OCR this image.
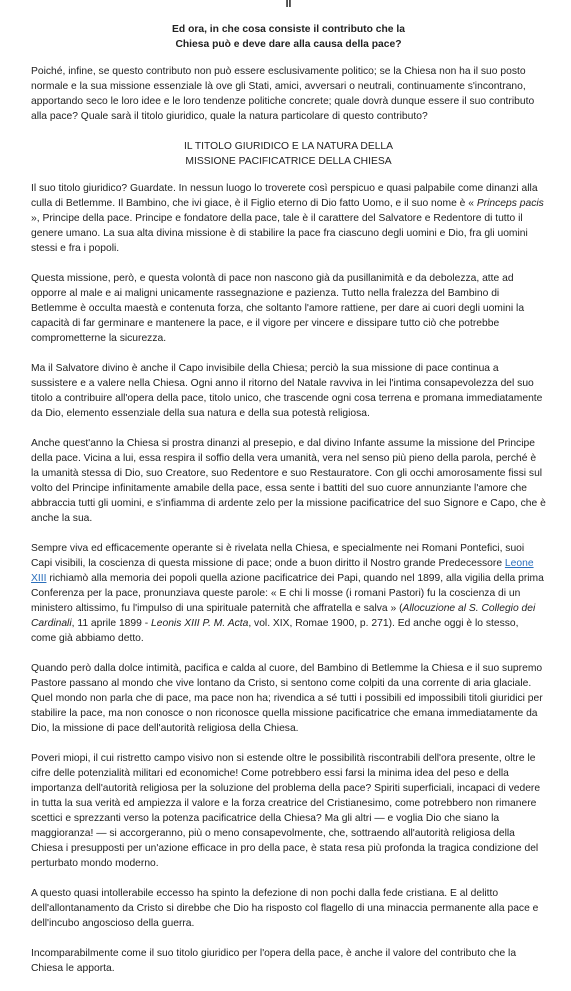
II

Ed ora, in che cosa consiste il contributo che la
Chiesa può e deve dare alla causa della pace?

Poiché, infine, se questo contributo non può essere esclusivamente politico; se la Chiesa non ha il suo posto normale e la sua missione essenziale là ove gli Stati, amici, avversari o neutrali, continuamente s'incontrano, apportando seco le loro idee e le loro tendenze politiche concrete; quale dovrà dunque essere il suo contributo alla pace? Quale sarà il titolo giuridico, quale la natura particolare di questo contributo?

IL TITOLO GIURIDICO E LA NATURA DELLA
MISSIONE PACIFICATRICE DELLA CHIESA

Il suo titolo giuridico? Guardate. In nessun luogo lo troverete così perspicuo e quasi palpabile come dinanzi alla culla di Betlemme. Il Bambino, che ivi giace, è il Figlio eterno di Dio fatto Uomo, e il suo nome è « Princeps pacis », Principe della pace. Principe e fondatore della pace, tale è il carattere del Salvatore e Redentore di tutto il genere umano. La sua alta divina missione è di stabilire la pace fra ciascuno degli uomini e Dio, fra gli uomini stessi e fra i popoli.

Questa missione, però, e questa volontà di pace non nascono già da pusillanimità e da debolezza, atte ad opporre al male e ai maligni unicamente rassegnazione e pazienza. Tutto nella fralezza del Bambino di Betlemme è occulta maestà e contenuta forza, che soltanto l'amore rattiene, per dare ai cuori degli uomini la capacità di far germinare e mantenere la pace, e il vigore per vincere e dissipare tutto ciò che potrebbe comprometterne la sicurezza.

Ma il Salvatore divino è anche il Capo invisibile della Chiesa; perciò la sua missione di pace continua a sussistere e a valere nella Chiesa. Ogni anno il ritorno del Natale ravviva in lei l'intima consapevolezza del suo titolo a contribuire all'opera della pace, titolo unico, che trascende ogni cosa terrena e promana immediatamente da Dio, elemento essenziale della sua natura e della sua potestà religiosa.

Anche quest'anno la Chiesa si prostra dinanzi al presepio, e dal divino Infante assume la missione del Principe della pace. Vicina a lui, essa respira il soffio della vera umanità, vera nel senso più pieno della parola, perché è la umanità stessa di Dio, suo Creatore, suo Redentore e suo Restauratore. Con gli occhi amorosamente fissi sul volto del Principe infinitamente amabile della pace, essa sente i battiti del suo cuore annunziante l'amore che abbraccia tutti gli uomini, e s'infiamma di ardente zelo per la missione pacificatrice del suo Signore e Capo, che è anche la sua.

Sempre viva ed efficacemente operante si è rivelata nella Chiesa, e specialmente nei Romani Pontefici, suoi Capi visibili, la coscienza di questa missione di pace; onde a buon diritto il Nostro grande Predecessore Leone XIII richiamò alla memoria dei popoli quella azione pacificatrice dei Papi, quando nel 1899, alla vigilia della prima Conferenza per la pace, pronunziava queste parole: « E chi li mosse (i romani Pastori) fu la coscienza di un ministero altissimo, fu l'impulso di una spirituale paternità che affratella e salva » (Allocuzione al S. Collegio dei Cardinali, 11 aprile 1899 - Leonis XIII P. M. Acta, vol. XIX, Romae 1900, p. 271). Ed anche oggi è lo stesso, come già abbiamo detto.

Quando però dalla dolce intimità, pacifica e calda al cuore, del Bambino di Betlemme la Chiesa e il suo supremo Pastore passano al mondo che vive lontano da Cristo, si sentono come colpiti da una corrente di aria glaciale. Quel mondo non parla che di pace, ma pace non ha; rivendica a sé tutti i possibili ed impossibili titoli giuridici per stabilire la pace, ma non conosce o non riconosce quella missione pacificatrice che emana immediatamente da Dio, la missione di pace dell'autorità religiosa della Chiesa.

Poveri miopi, il cui ristretto campo visivo non si estende oltre le possibilità riscontrabili dell'ora presente, oltre le cifre delle potenzialità militari ed economiche! Come potrebbero essi farsi la minima idea del peso e della importanza dell'autorità religiosa per la soluzione del problema della pace? Spiriti superficiali, incapaci di vedere in tutta la sua verità ed ampiezza il valore e la forza creatrice del Cristianesimo, come potrebbero non rimanere scettici e sprezzanti verso la potenza pacificatrice della Chiesa? Ma gli altri — e voglia Dio che siano la maggioranza! — si accorgeranno, più o meno consapevolmente, che, sottraendo all'autorità religiosa della Chiesa i presupposti per un'azione efficace in pro della pace, è stata resa più profonda la tragica condizione del perturbato mondo moderno.

A questo quasi intollerabile eccesso ha spinto la defezione di non pochi dalla fede cristiana. E al delitto dell'allontanamento da Cristo si direbbe che Dio ha risposto col flagello di una minaccia permanente alla pace e dell'incubo angoscioso della guerra.

Incomparabilmente come il suo titolo giuridico per l'opera della pace, è anche il valore del contributo che la Chiesa le apporta.
